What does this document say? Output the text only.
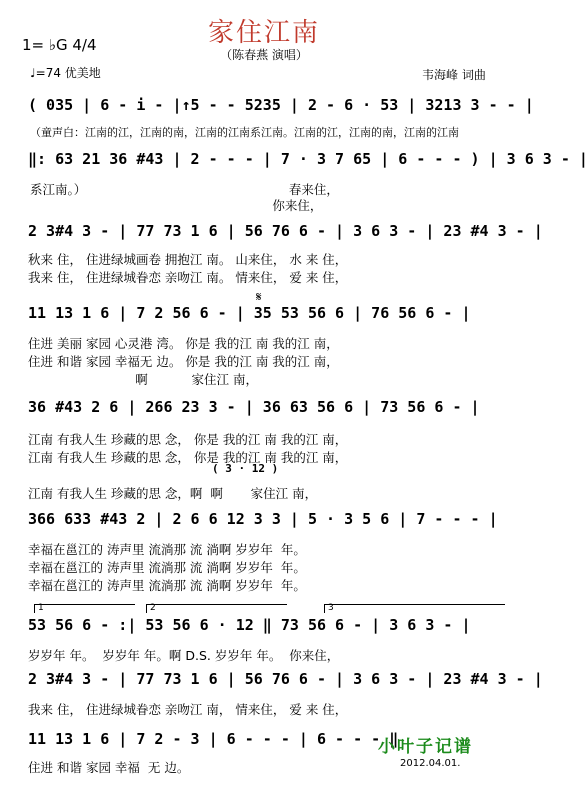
家住江南
（陈春燕 演唱）
1= ♭G 4/4
♩=74 优美地	韦海峰 词曲
( 035 | 6 - i - |↑5 - - 5235 | 2 - 6 · 53 | 3213 3 - - |
（童声白：江南的江，江南的南，江南的江南系江南。江南的江，江南的南，江南的江南
‖: 63 21 36 #43 | 2 - - - | 7 · 3 7 65 | 6 - - - ) | 3 6 3 - |
系江南。）                                                   春来住，
你来住，
2 3#4 3 - | 77 73 1 6 | 56 76 6 - | 3 6 3 - | 23 #4 3 - |
秋来 住， 住进绿城画卷 拥抱江 南。 山来住， 水 来 住，
我来 住， 住进绿城眷恋 亲吻江 南。 情来住， 爱 来 住，
𝄋
11 13 1 6 | 7 2 56 6 - | 35 53 56 6 | 76 56 6 - |
住进 美丽 家园 心灵港 湾。 你是 我的江 南 我的江 南，
住进 和谐 家园 幸福无 边。 你是 我的江 南 我的江 南，
啊           家住江 南，
36 #43 2 6 | 266 23 3 - | 36 63 56 6 | 73 56 6 - |
江南 有我人生 珍藏的思 念， 你是 我的江 南 我的江 南，
江南 有我人生 珍藏的思 念， 你是 我的江 南 我的江 南，
( 3 · 12 )
江南 有我人生 珍藏的思 念，啊  啊       家住江 南，
366 633 #43 2 | 2 6 6 12 3 3 | 5 · 3 5 6 | 7 - - - |
幸福在邕江的 涛声里 流淌那 流 淌啊 岁岁年  年。
幸福在邕江的 涛声里 流淌那 流 淌啊 岁岁年  年。
幸福在邕江的 涛声里 流淌那 流 淌啊 岁岁年  年。
1	2	3
53 56 6 - :| 53 56 6 · 12 ‖ 73 56 6 - | 3 6 3 - |
岁岁年 年。  岁岁年 年。啊 D.S. 岁岁年 年。  你来住，
2 3#4 3 - | 77 73 1 6 | 56 76 6 - | 3 6 3 - | 23 #4 3 - |
我来 住， 住进绿城眷恋 亲吻江 南， 情来住， 爱 来 住，
11 13 1 6 | 7 2 - 3 | 6 - - - | 6 - - - ‖
住进 和谐 家园 幸福  无 边。
小叶子记谱
2012.04.01.
